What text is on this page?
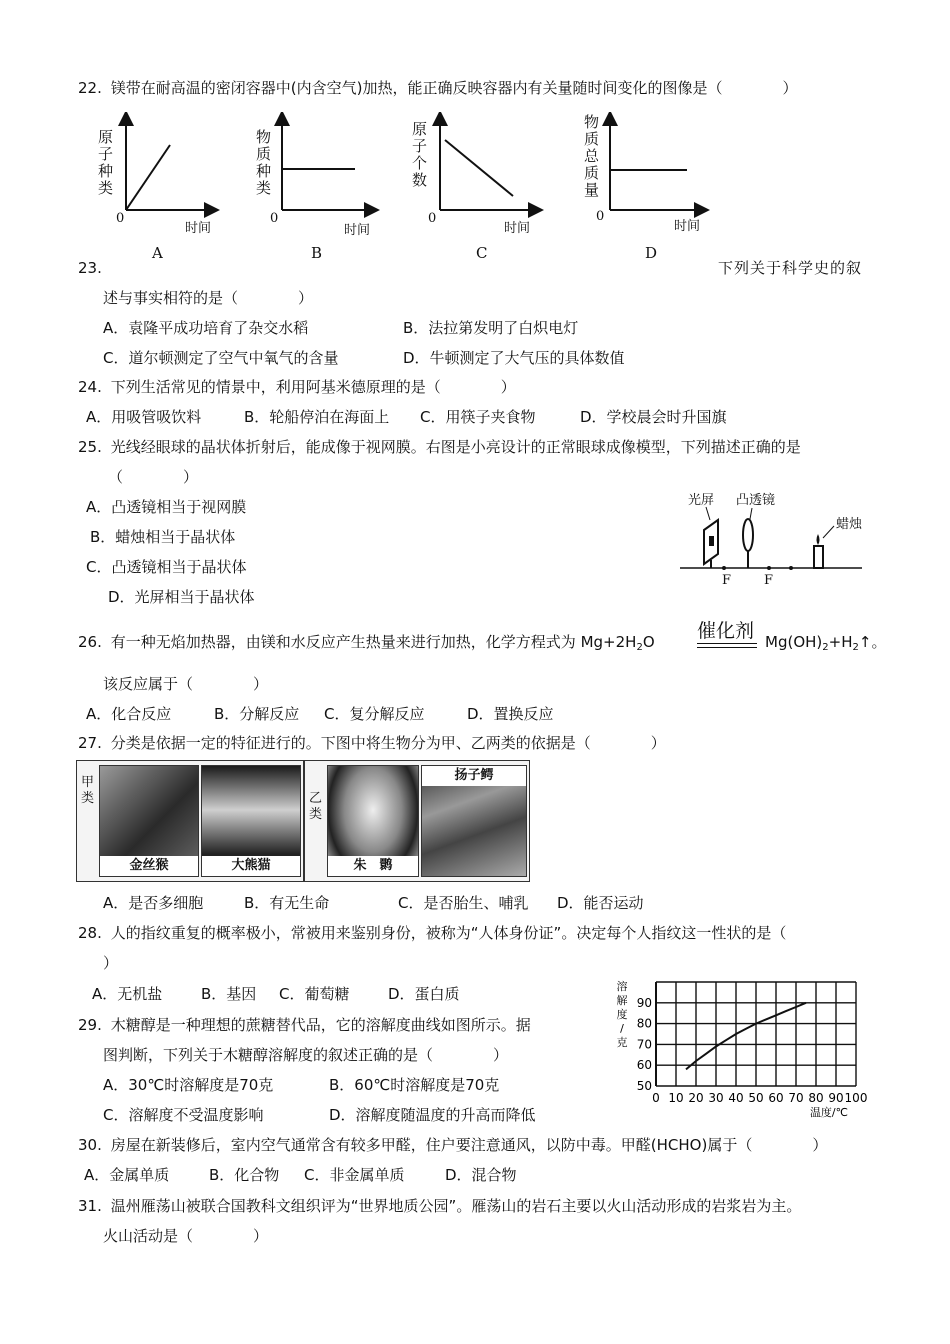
22. 镁带在耐高温的密闭容器中(内含空气)加热，能正确反映容器内有关量随时间变化的图像是（　　　　）
原
子
种
类
0
时间
A
物
质
种
类
0
时间
B
原
子
个
数
0
时间
C
物
质
总
质
量
0
时间
D
23.	下列关于科学史的叙
述与事实相符的是（　　　　）
A．袁隆平成功培育了杂交水稻	B．法拉第发明了白炽电灯
C．道尔顿测定了空气中氧气的含量	D．牛顿测定了大气压的具体数值
24. 下列生活常见的情景中，利用阿基米德原理的是（　　　　）
A．用吸管吸饮料	B．轮船停泊在海面上 C．用筷子夹食物	D．学校晨会时升国旗
25. 光线经眼球的晶状体折射后，能成像于视网膜。右图是小亮设计的正常眼球成像模型，下列描述正确的是
（　　　　）
A．凸透镜相当于视网膜
B．蜡烛相当于晶状体
C．凸透镜相当于晶状体
D．光屏相当于晶状体
光屏 凸透镜
蜡烛
F	F
26. 有一种无焰加热器，由镁和水反应产生热量来进行加热，化学方程式为 $Mg+2H_2O$ 催化剂 $Mg(OH)_2+H_2↑$。
该反应属于（　　　　）
A．化合反应	B．分解反应 C．复分解反应	D．置换反应
27. 分类是依据一定的特征进行的。下图中将生物分为甲、乙两类的依据是（　　　　）
甲类
金丝猴	大熊猫
乙类
朱　鹮
扬子鳄
A．是否多细胞	B．有无生命	C．是否胎生、哺乳 D．能否运动
28. 人的指纹重复的概率极小，常被用来鉴别身份，被称为“人体身份证”。决定每个人指纹这一性状的是（
）
A．无机盐	B．基因 C．葡萄糖	D．蛋白质
29. 木糖醇是一种理想的蔗糖替代品，它的溶解度曲线如图所示。据
图判断，下列关于木糖醇溶解度的叙述正确的是（　　　　）
A．30℃时溶解度是70克	B．60℃时溶解度是70克
C．溶解度不受温度影响	D．溶解度随温度的升高而降低
0 10 20 30 40 50 60 70 80 90 100
50
60
70
80
90
溶
解
度
/
克
温度/℃
30. 房屋在新装修后，室内空气通常含有较多甲醛，住户要注意通风，以防中毒。甲醛(HCHO)属于（　　　　）
A．金属单质	B．化合物 C．非金属单质	D．混合物
31. 温州雁荡山被联合国教科文组织评为“世界地质公园”。雁荡山的岩石主要以火山活动形成的岩浆岩为主。
火山活动是（　　　　）
